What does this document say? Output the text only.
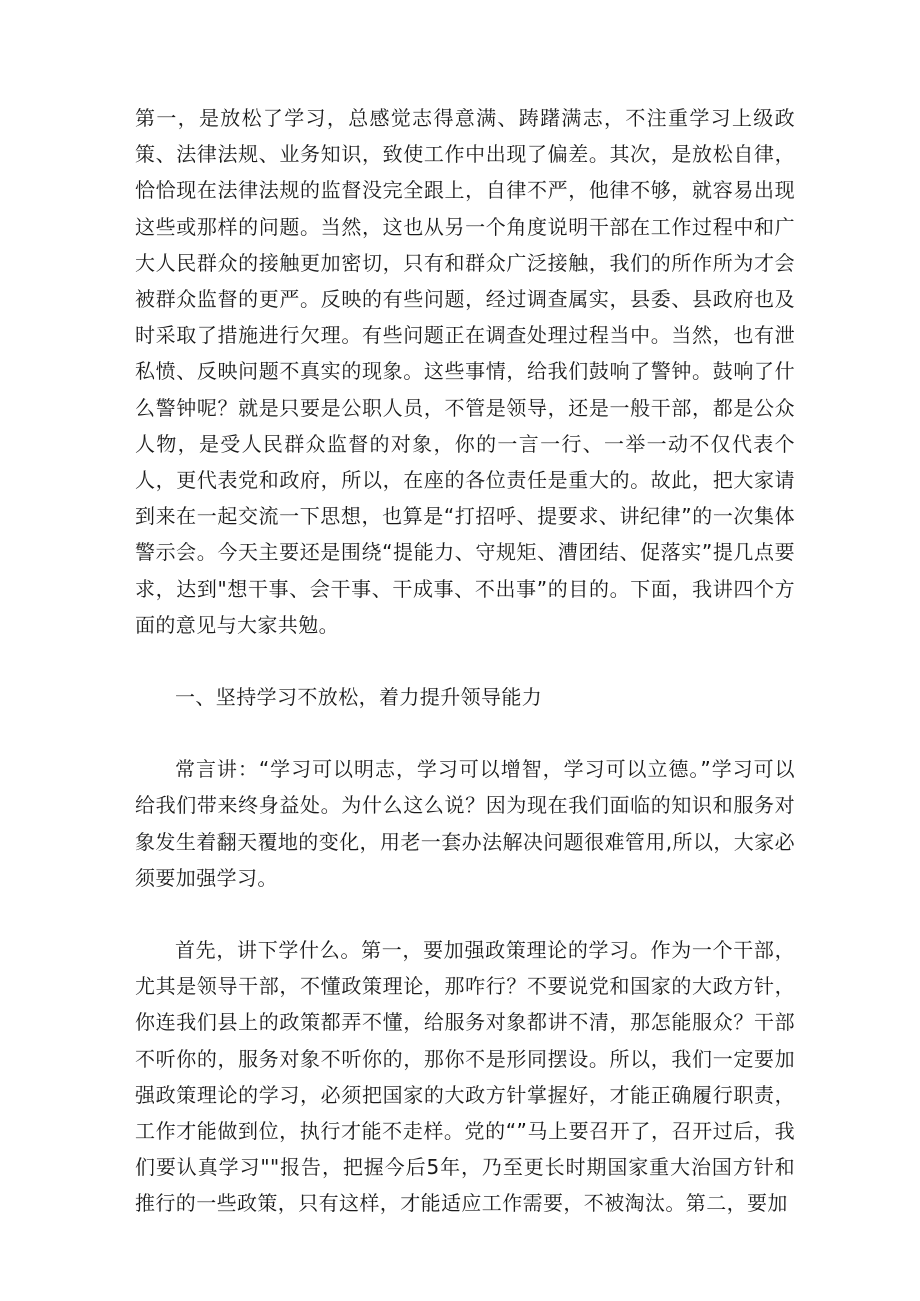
第一，是放松了学习，总感觉志得意满、踌躇满志，不注重学习上级政策、法律法规、业务知识，致使工作中出现了偏差。其次，是放松自律，恰恰现在法律法规的监督没完全跟上，自律不严，他律不够，就容易出现这些或那样的问题。当然，这也从另一个角度说明干部在工作过程中和广大人民群众的接触更加密切，只有和群众广泛接触，我们的所作所为才会被群众监督的更严。反映的有些问题，经过调查属实，县委、县政府也及时采取了措施进行欠理。有些问题正在调查处理过程当中。当然，也有泄私愤、反映问题不真实的现象。这些事情，给我们鼓响了警钟。鼓响了什么警钟呢？就是只要是公职人员，不管是领导，还是一般干部，都是公众人物，是受人民群众监督的对象，你的一言一行、一举一动不仅代表个人，更代表党和政府，所以，在座的各位责任是重大的。故此，把大家请到来在一起交流一下思想，也算是“打招呼、提要求、讲纪律”的一次集体警示会。今天主要还是围绕“提能力、守规矩、漕团结、促落实”提几点要求，达到"想干事、会干事、干成事、不出事”的目的。下面，我讲四个方面的意见与大家共勉。

一、坚持学习不放松，着力提升领导能力

常言讲：“学习可以明志，学习可以增智，学习可以立德。”学习可以给我们带来终身益处。为什么这么说？因为现在我们面临的知识和服务对象发生着翻天覆地的变化，用老一套办法解决问题很难管用,所以，大家必须要加强学习。

首先，讲下学什么。第一，要加强政策理论的学习。作为一个干部，尤其是领导干部，不懂政策理论，那咋行？不要说党和国家的大政方针，你连我们县上的政策都弄不懂，给服务对象都讲不清，那怎能服众？干部不听你的，服务对象不听你的，那你不是形同摆设。所以，我们一定要加强政策理论的学习，必须把国家的大政方针掌握好，才能正确履行职责，工作才能做到位，执行才能不走样。党的“”马上要召开了，召开过后，我们要认真学习""报告，把握今后5年，乃至更长时期国家重大治国方针和推行的一些政策，只有这样，才能适应工作需要，不被淘汰。第二，要加
